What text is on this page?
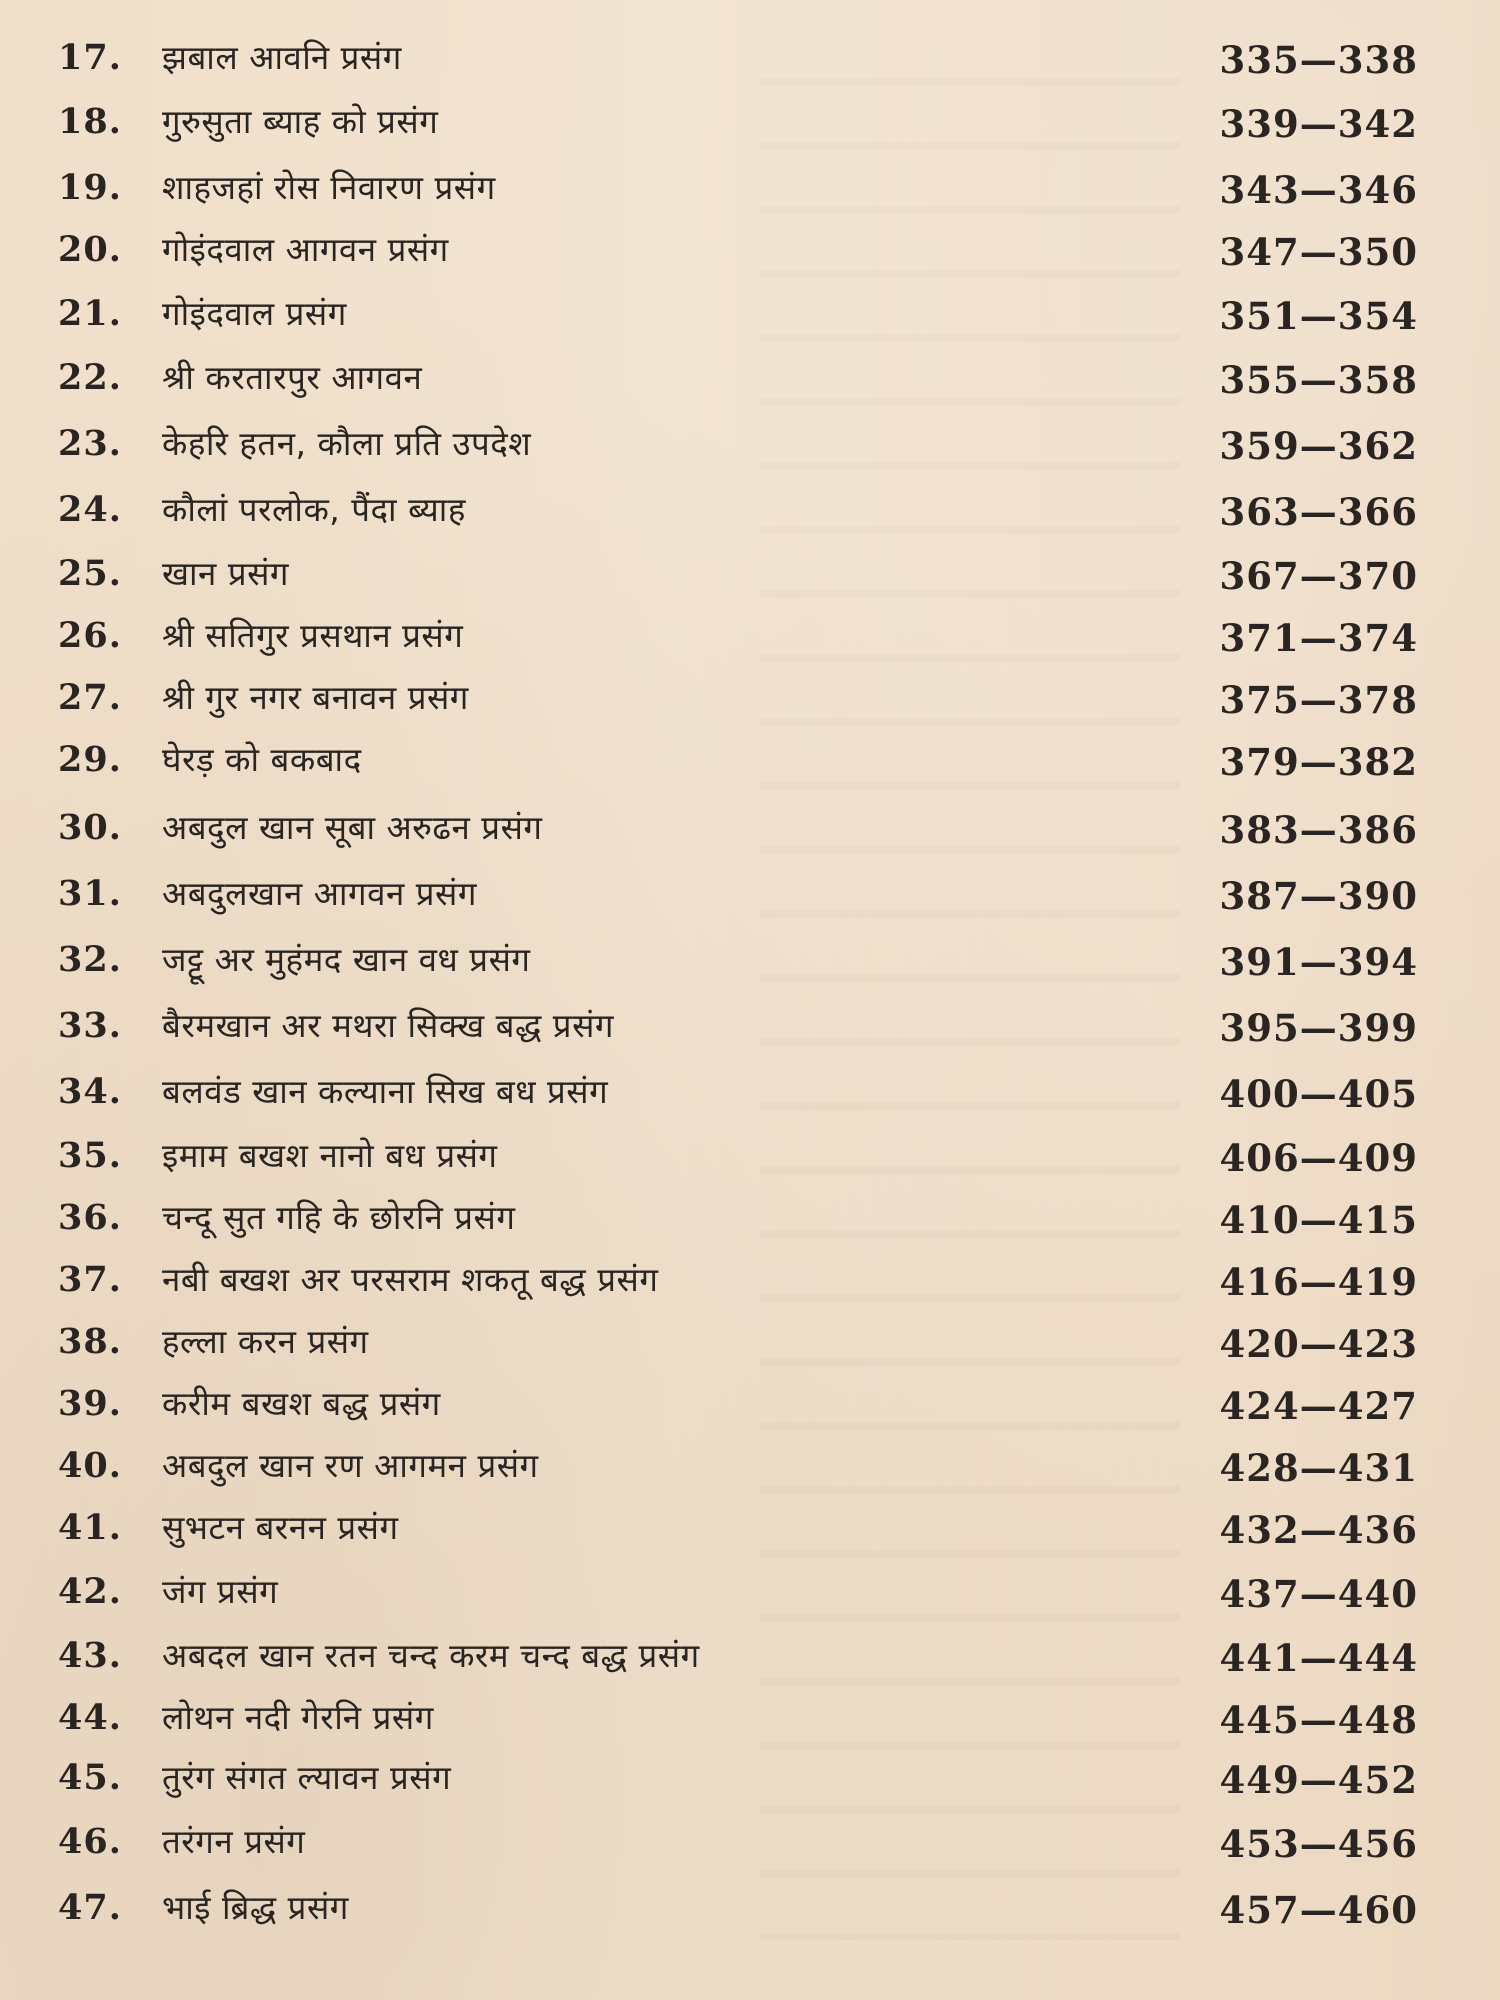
17.	झबाल आवनि प्रसंग	335—338
18.	गुरुसुता ब्याह को प्रसंग	339—342
19.	शाहजहां रोस निवारण प्रसंग	343—346
20.	गोइंदवाल आगवन प्रसंग	347—350
21.	गोइंदवाल प्रसंग	351—354
22.	श्री करतारपुर आगवन	355—358
23.	केहरि हतन, कौला प्रति उपदेश	359—362
24.	कौलां परलोक, पैंदा ब्याह	363—366
25.	खान प्रसंग	367—370
26.	श्री सतिगुर प्रसथान प्रसंग	371—374
27.	श्री गुर नगर बनावन प्रसंग	375—378
29.	घेरड़ को बकबाद	379—382
30.	अबदुल खान सूबा अरुढन प्रसंग	383—386
31.	अबदुलखान आगवन प्रसंग	387—390
32.	जट्टू अर मुहंमद खान वध प्रसंग	391—394
33.	बैरमखान अर मथरा सिक्ख बद्ध प्रसंग	395—399
34.	बलवंड खान कल्याना सिख बध प्रसंग	400—405
35.	इमाम बखश नानो बध प्रसंग	406—409
36.	चन्दू सुत गहि के छोरनि प्रसंग	410—415
37.	नबी बखश अर परसराम शकतू बद्ध प्रसंग	416—419
38.	हल्ला करन प्रसंग	420—423
39.	करीम बखश बद्ध प्रसंग	424—427
40.	अबदुल खान रण आगमन प्रसंग	428—431
41.	सुभटन बरनन प्रसंग	432—436
42.	जंग प्रसंग	437—440
43.	अबदल खान रतन चन्द करम चन्द बद्ध प्रसंग	441—444
44.	लोथन नदी गेरनि प्रसंग	445—448
45.	तुरंग संगत ल्यावन प्रसंग	449—452
46.	तरंगन प्रसंग	453—456
47.	भाई ब्रिद्ध प्रसंग	457—460
